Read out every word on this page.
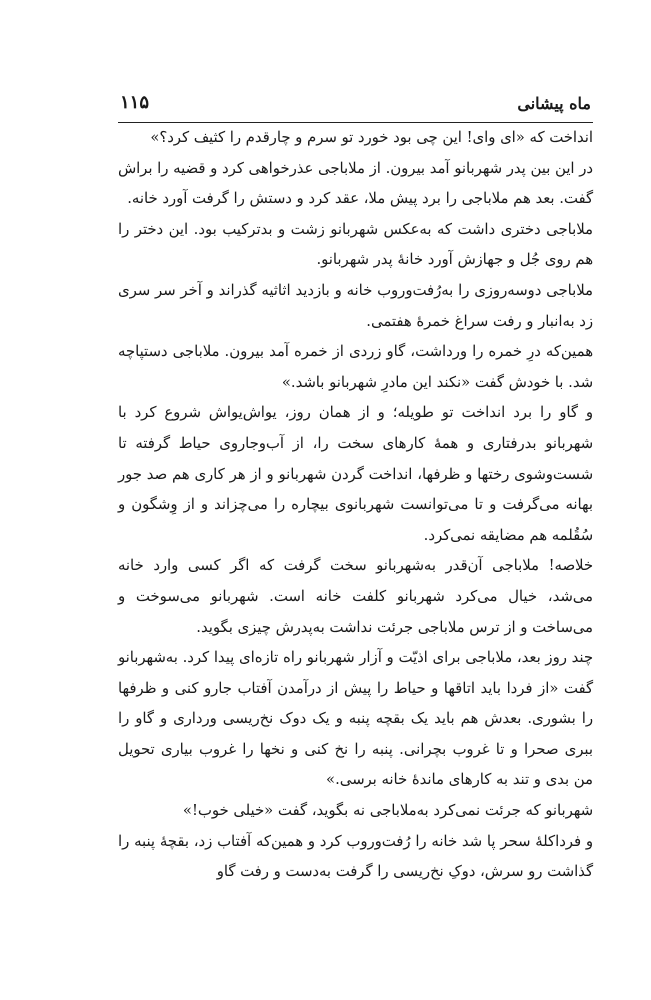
ماه پیشانی
۱۱۵

انداخت که «ای وای! این چی بود خورد تو سرم و چارقدم را کثیف کرد؟»

در این بین پدر شهربانو آمد بیرون. از ملاباجی عذرخواهی کرد و قضیه را براش گفت. بعد هم ملاباجی را برد پیش ملا، عقد کرد و دستش را گرفت آورد خانه.

ملاباجی دختری داشت که به‌عکس شهربانو زشت و بدترکیب بود. این دختر را هم روی جُل و جهازش آورد خانهٔ پدر شهربانو.

ملاباجی دوسه‌روزی را به‌رُفت‌وروب خانه و بازدید اثاثیه گذراند و آخر سر سری زد به‌انبار و رفت سراغ خمرهٔ هفتمی.

همین‌که درِ خمره را ورداشت، گاو زردی از خمره آمد بیرون. ملاباجی دستپاچه شد. با خودش گفت «نکند این مادرِ شهربانو باشد.»

و گاو را برد انداخت تو طویله؛ و از همان روز، یواش‌یواش شروع کرد با شهربانو بدرفتاری و همهٔ کارهای سخت را، از آب‌وجاروی حیاط گرفته تا شست‌وشوی رختها و ظرفها، انداخت گردن شهربانو و از هر کاری هم صد جور بهانه می‌گرفت و تا می‌توانست شهربانوی بیچاره را می‌چزاند و از وِشگون و سُقُلمه هم مضایقه نمی‌کرد.

خلاصه! ملاباجی آن‌قدر به‌شهربانو سخت گرفت که اگر کسی وارد خانه می‌شد، خیال می‌کرد شهربانو کلفت خانه است. شهربانو می‌سوخت و می‌ساخت و از ترس ملاباجی جرئت نداشت به‌پدرش چیزی بگوید.

چند روز بعد، ملاباجی برای اذیّت و آزار شهربانو راه تازه‌ای پیدا کرد. به‌شهربانو گفت «از فردا باید اتاقها و حیاط را پیش از درآمدن آفتاب جارو کنی و ظرفها را بشوری. بعدش هم باید یک بقچه پنبه و یک دوک نخ‌ریسی ورداری و گاو را ببری صحرا و تا غروب بچرانی. پنبه را نخ کنی و نخها را غروب بیاری تحویل من بدی و تند به کارهای ماندهٔ خانه برسی.»

شهربانو که جرئت نمی‌کرد به‌ملاباجی نه بگوید، گفت «خیلی خوب!»

و فرداکلهٔ سحر پا شد خانه را رُفت‌وروب کرد و همین‌که آفتاب زد، بقچهٔ پنبه را گذاشت رو سرش، دوکِ نخ‌ریسی را گرفت به‌دست و رفت گاو
